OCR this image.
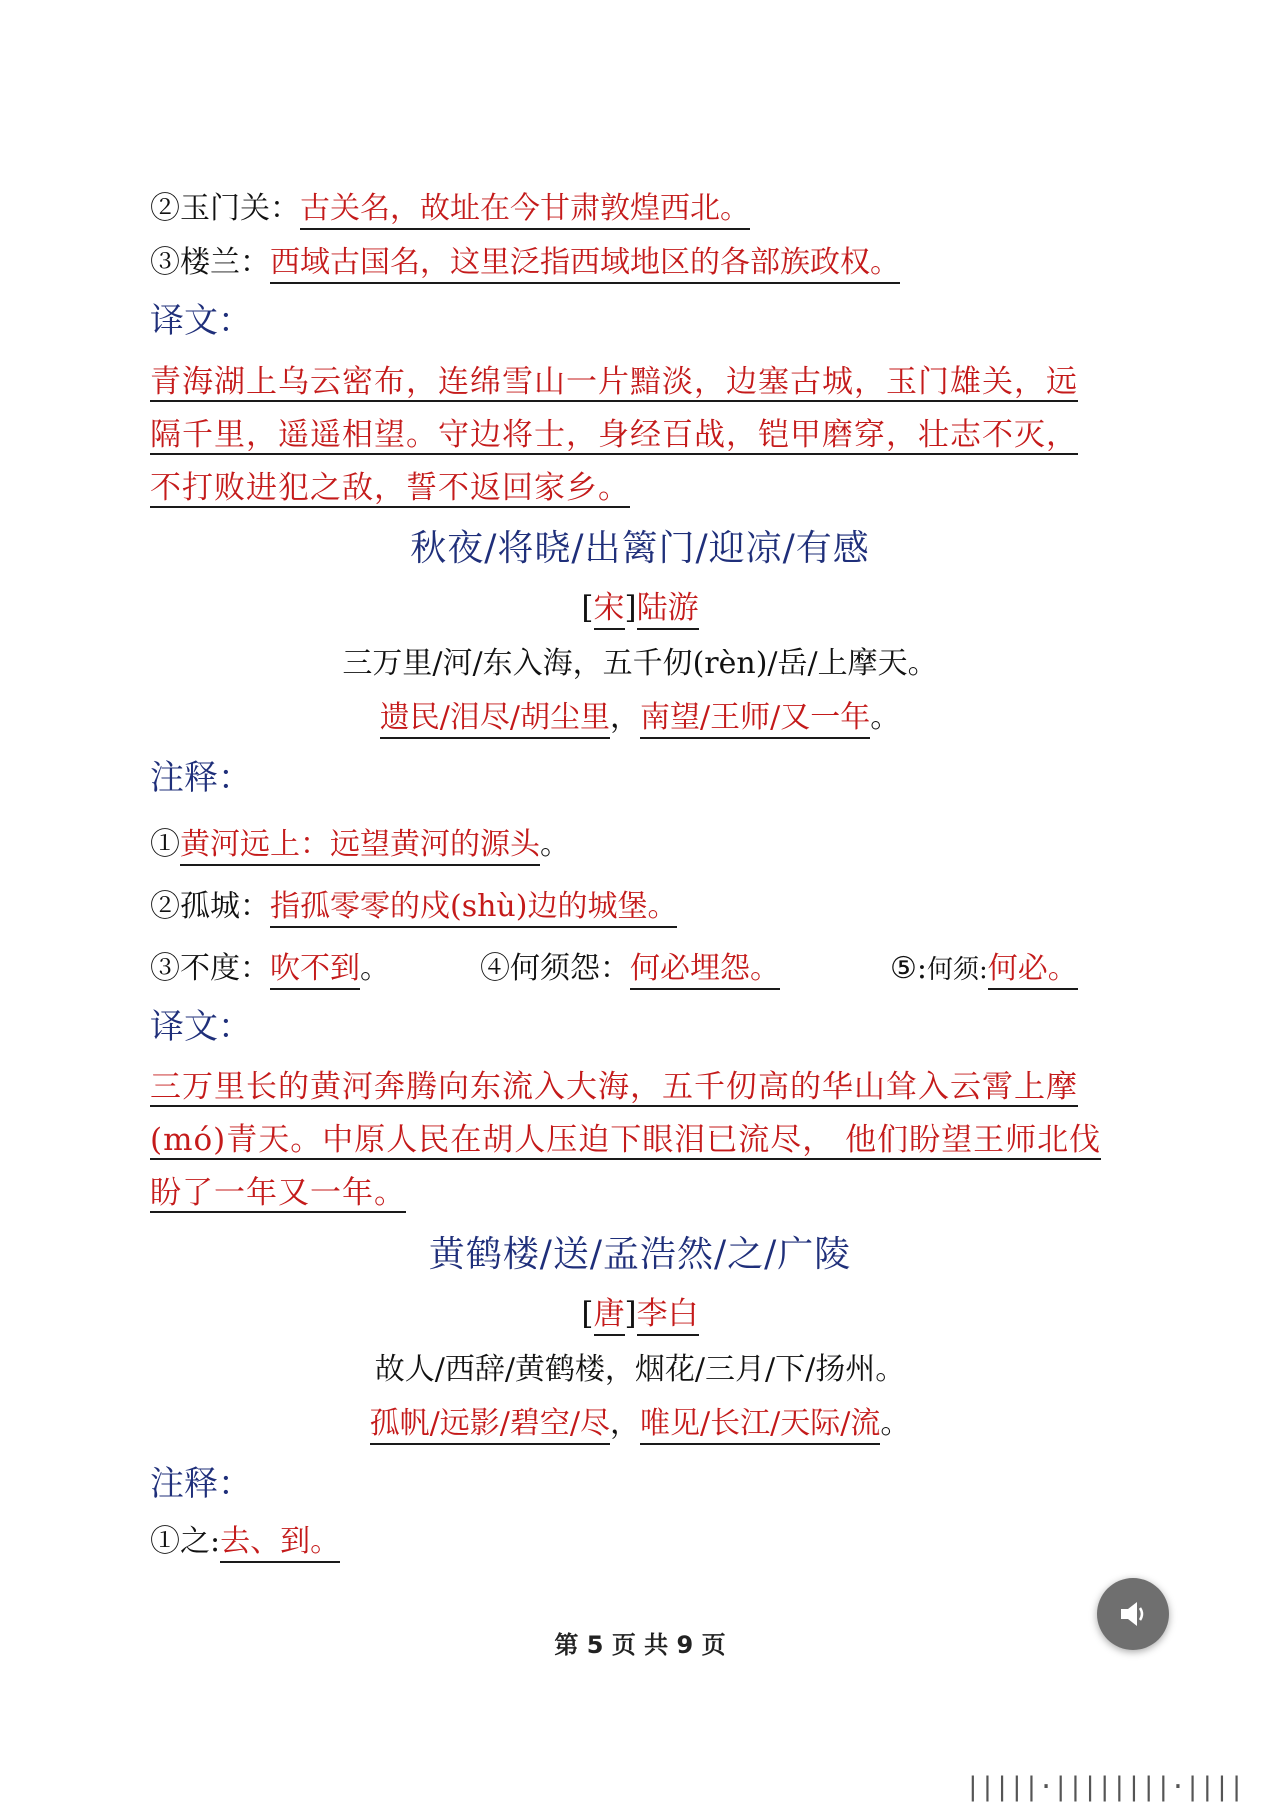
②玉门关：古关名，故址在今甘肃敦煌西北。
③楼兰：西域古国名，这里泛指西域地区的各部族政权。
译文：
青海湖上乌云密布，连绵雪山一片黯淡，边塞古城，玉门雄关，远
隔千里，遥遥相望。守边将士，身经百战，铠甲磨穿，壮志不灭，
不打败进犯之敌，誓不返回家乡。
秋夜/将晓/出篱门/迎凉/有感
[宋]陆游
三万里/河/东入海，五千仞(rèn)/岳/上摩天。
遗民/泪尽/胡尘里，南望/王师/又一年。
注释：
①黄河远上：远望黄河的源头。
②孤城：指孤零零的戍(shù)边的城堡。
③不度：吹不到。	④何须怨：何必埋怨。	⑤:何须:何必。
译文：
三万里长的黄河奔腾向东流入大海，五千仞高的华山耸入云霄上摩
(mó)青天。中原人民在胡人压迫下眼泪已流尽， 他们盼望王师北伐
盼了一年又一年。
黄鹤楼/送/孟浩然/之/广陵
[唐]李白
故人/西辞/黄鹤楼，烟花/三月/下/扬州。
孤帆/远影/碧空/尽，唯见/长江/天际/流。
注释：
①之:去、到。
第 5 页 共 9 页
|||||·||||||||·||||
